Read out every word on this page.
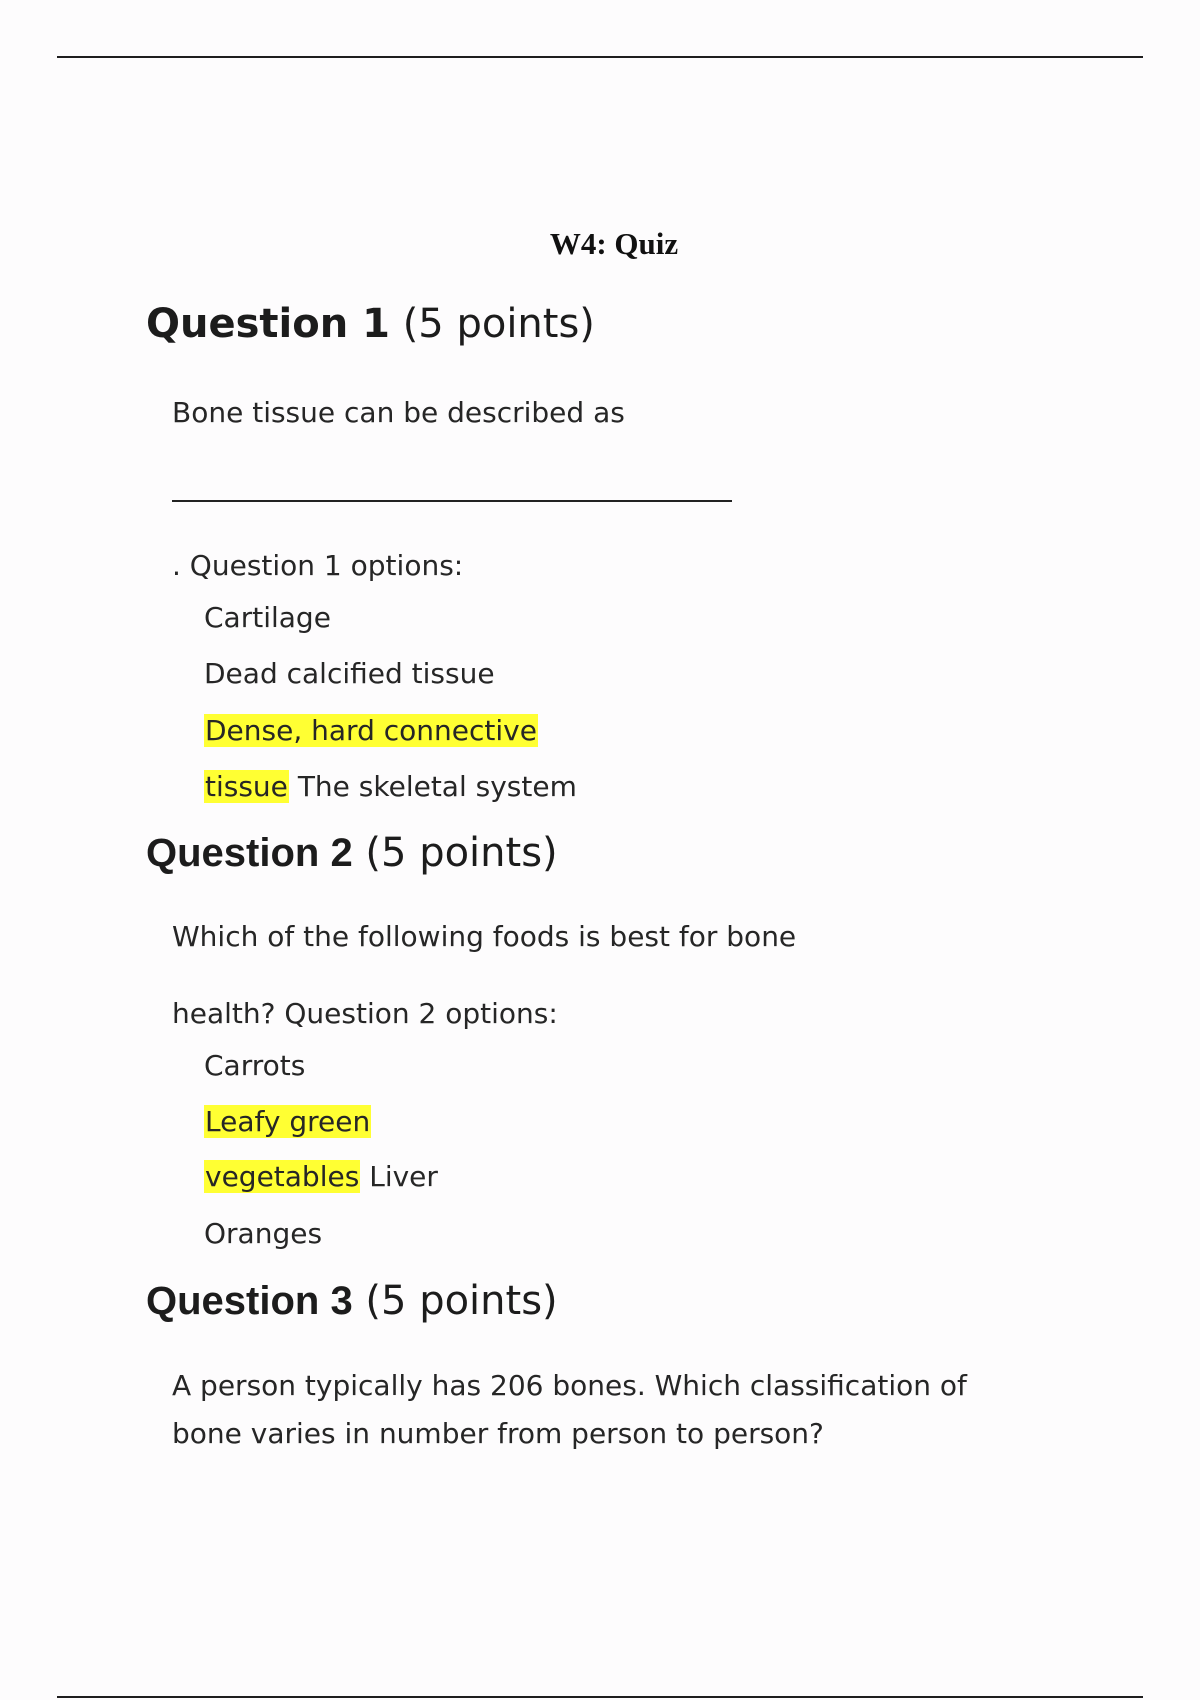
W4: Quiz
Question 1 (5 points)
Bone tissue can be described as
. Question 1 options:
Cartilage
Dead calcified tissue
Dense, hard connective
tissue The skeletal system
Question 2 (5 points)
Which of the following foods is best for bone
health? Question 2 options:
Carrots
Leafy green
vegetables Liver
Oranges
Question 3 (5 points)
A person typically has 206 bones. Which classification of
bone varies in number from person to person?
